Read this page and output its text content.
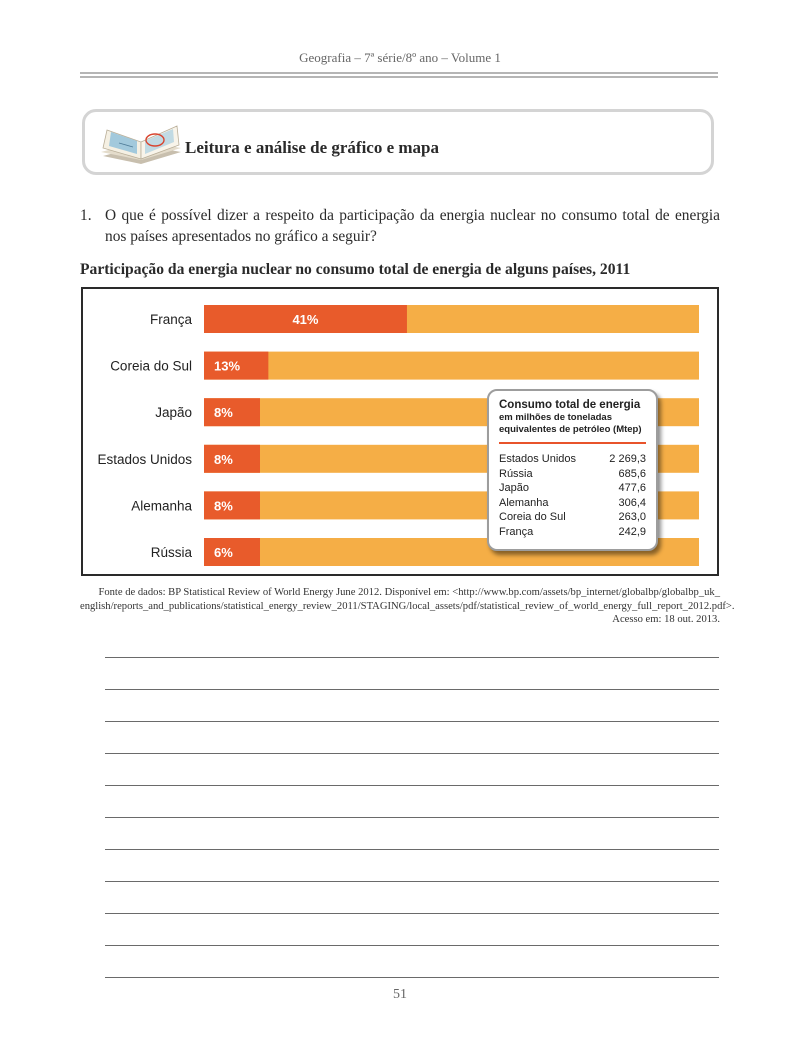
Geografia – 7ª série/8º ano – Volume 1
Leitura e análise de gráfico e mapa
1. O que é possível dizer a respeito da participação da energia nuclear no consumo total de energia nos países apresentados no gráfico a seguir?
Participação da energia nuclear no consumo total de energia de alguns países, 2011
França	41%
Coreia do Sul 13%
Japão 8%
Estados Unidos 8%
Alemanha 8%
Rússia 6%
Consumo total de energia
em milhões de toneladas
equivalentes de petróleo (Mtep)
Estados Unidos	2 269,3
Rússia	685,6
Japão	477,6
Alemanha	306,4
Coreia do Sul	263,0
França	242,9
Fonte de dados: BP Statistical Review of World Energy June 2012. Disponível em: <http://www.bp.com/assets/bp_internet/globalbp/globalbp_uk_
english/reports_and_publications/statistical_energy_review_2011/STAGING/local_assets/pdf/statistical_review_of_world_energy_full_report_2012.pdf>.
Acesso em: 18 out. 2013.
51
